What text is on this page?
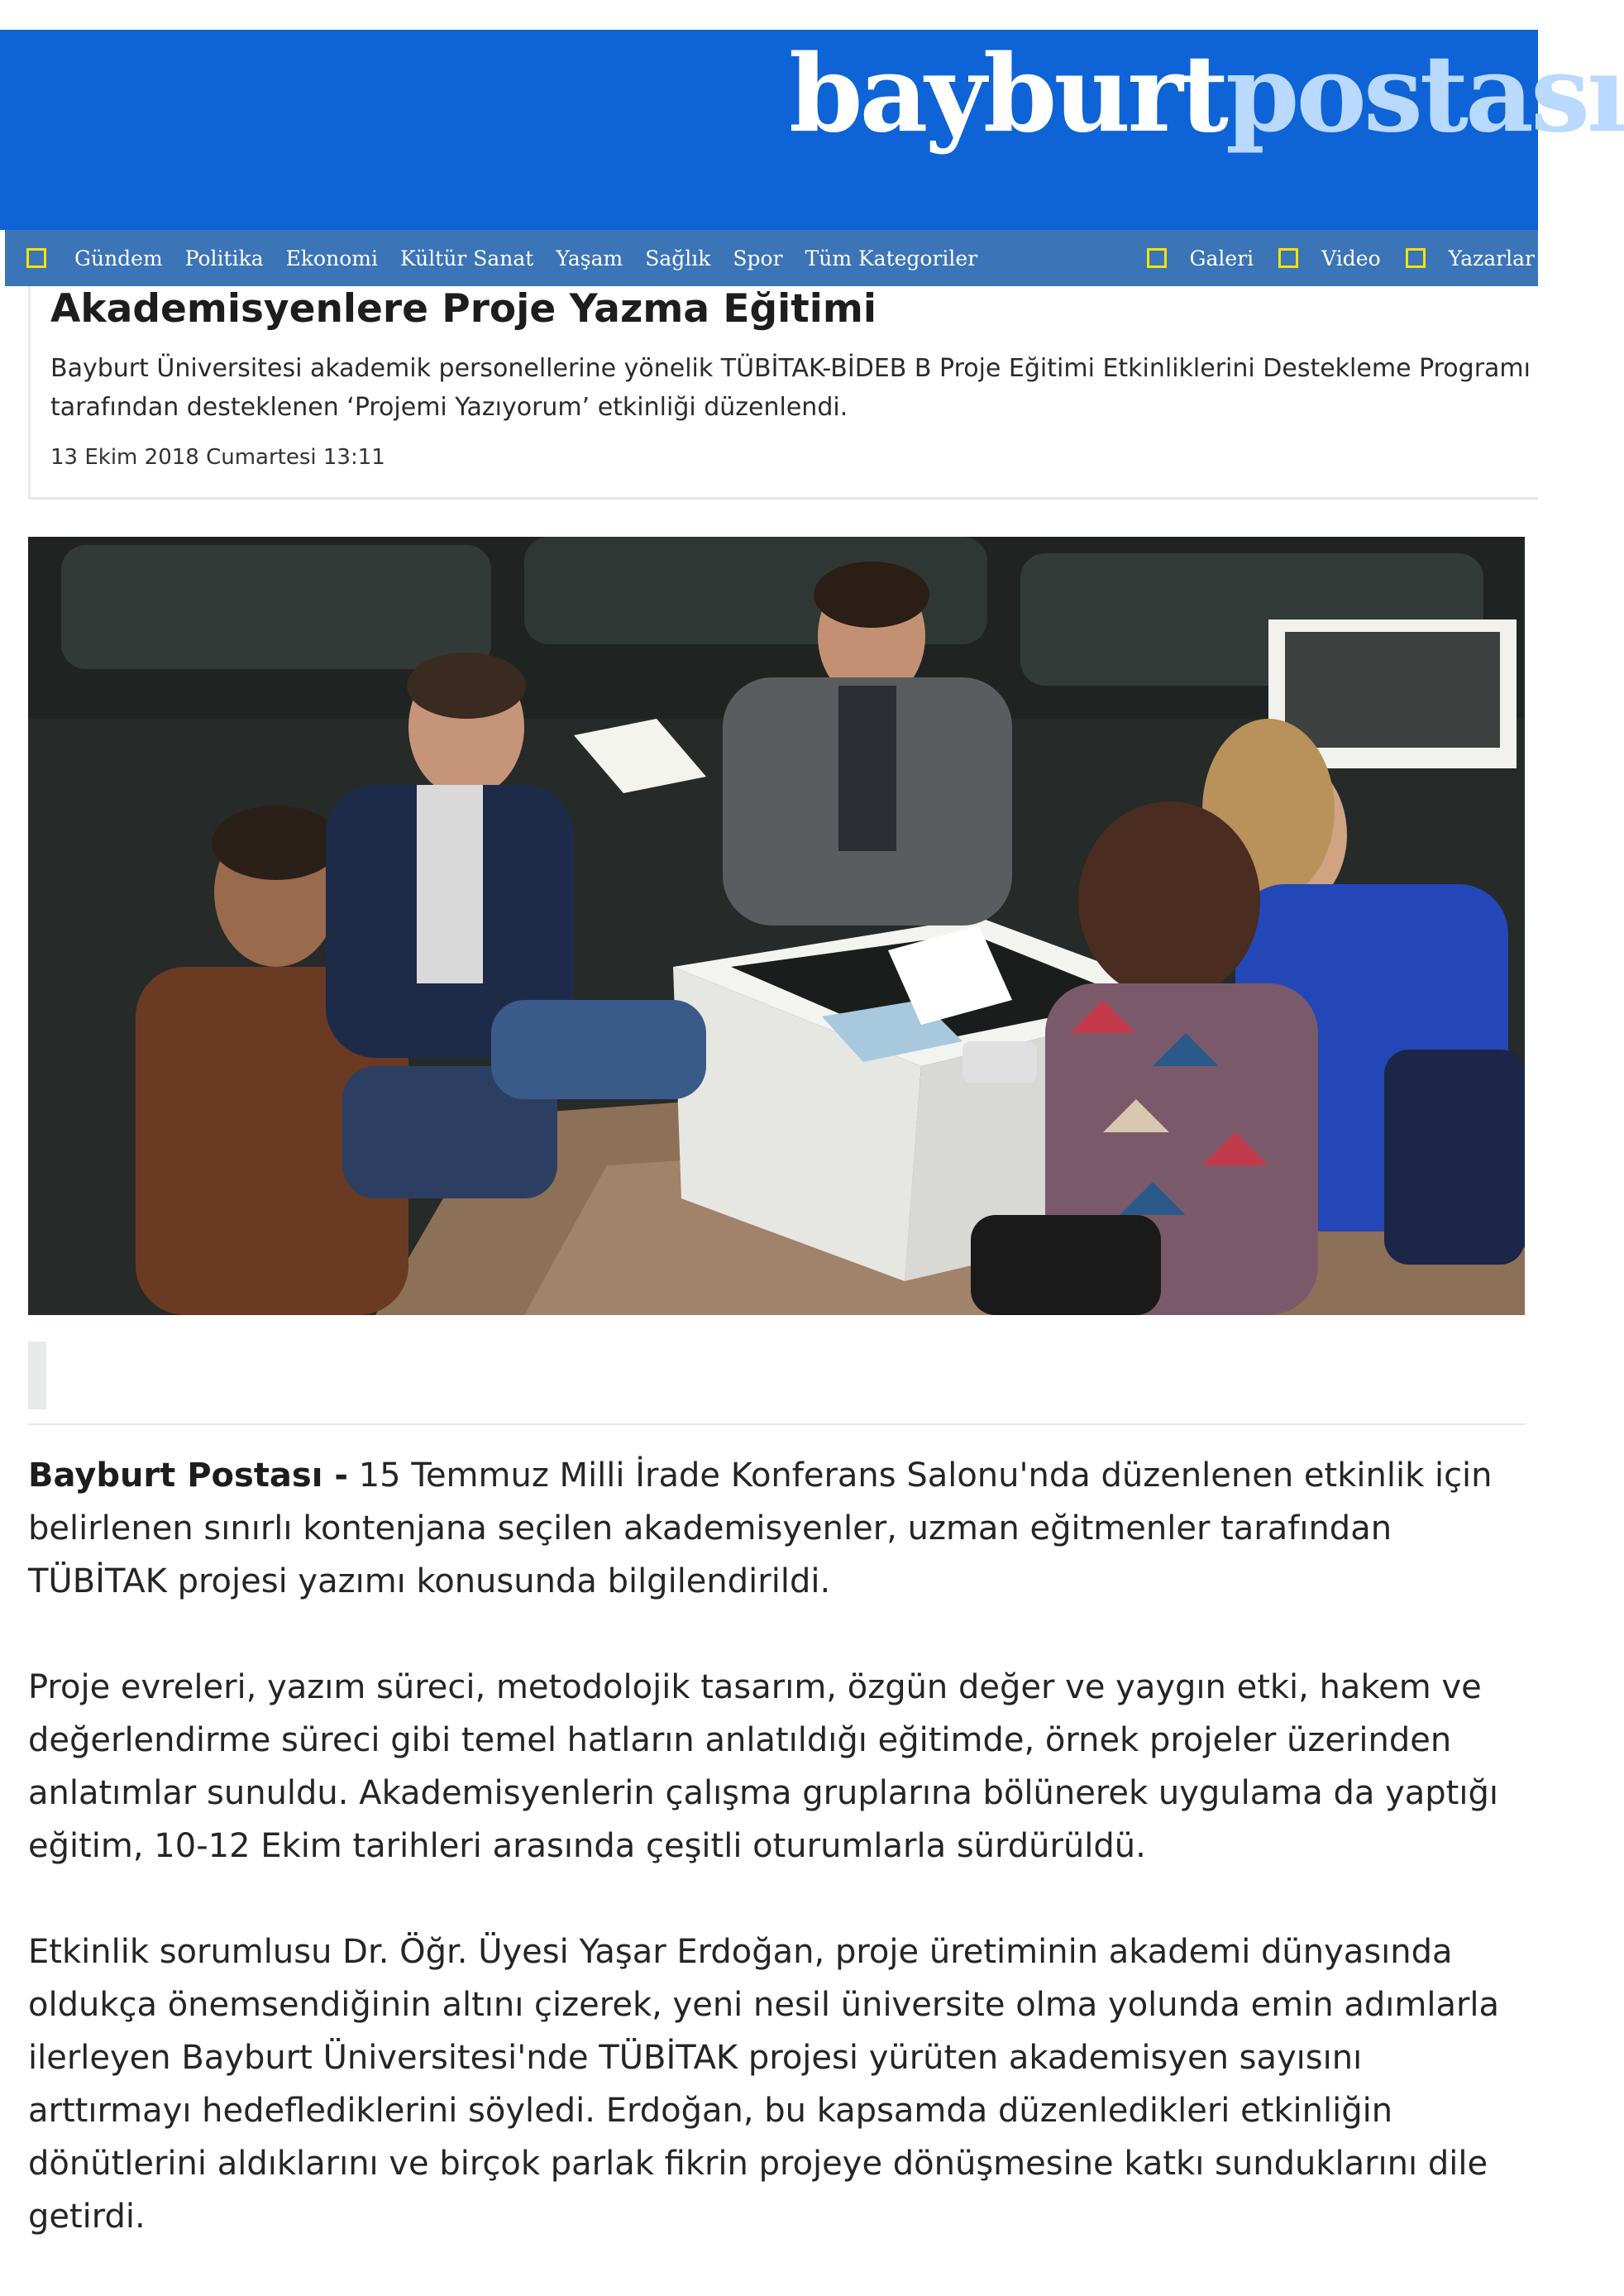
bayburtpostası
Gündem Politika Ekonomi Kültür Sanat Yaşam Sağlık Spor Tüm Kategoriler	Galeri	Video	Yazarlar
Akademisyenlere Proje Yazma Eğitimi

Bayburt Üniversitesi akademik personellerine yönelik TÜBİTAK-BİDEB B Proje Eğitimi Etkinliklerini Destekleme Programı tarafından desteklenen ‘Projemi Yazıyorum’ etkinliği düzenlendi.

13 Ekim 2018 Cumartesi 13:11

Bayburt Postası - 15 Temmuz Milli İrade Konferans Salonu'nda düzenlenen etkinlik için belirlenen sınırlı kontenjana seçilen akademisyenler, uzman eğitmenler tarafından TÜBİTAK projesi yazımı konusunda bilgilendirildi.

Proje evreleri, yazım süreci, metodolojik tasarım, özgün değer ve yaygın etki, hakem ve değerlendirme süreci gibi temel hatların anlatıldığı eğitimde, örnek projeler üzerinden anlatımlar sunuldu. Akademisyenlerin çalışma gruplarına bölünerek uygulama da yaptığı eğitim, 10-12 Ekim tarihleri arasında çeşitli oturumlarla sürdürüldü.

Etkinlik sorumlusu Dr. Öğr. Üyesi Yaşar Erdoğan, proje üretiminin akademi dünyasında oldukça önemsendiğinin altını çizerek, yeni nesil üniversite olma yolunda emin adımlarla ilerleyen Bayburt Üniversitesi'nde TÜBİTAK projesi yürüten akademisyen sayısını arttırmayı hedeflediklerini söyledi. Erdoğan, bu kapsamda düzenledikleri etkinliğin dönütlerini aldıklarını ve birçok parlak fikrin projeye dönüşmesine katkı sunduklarını dile getirdi.
